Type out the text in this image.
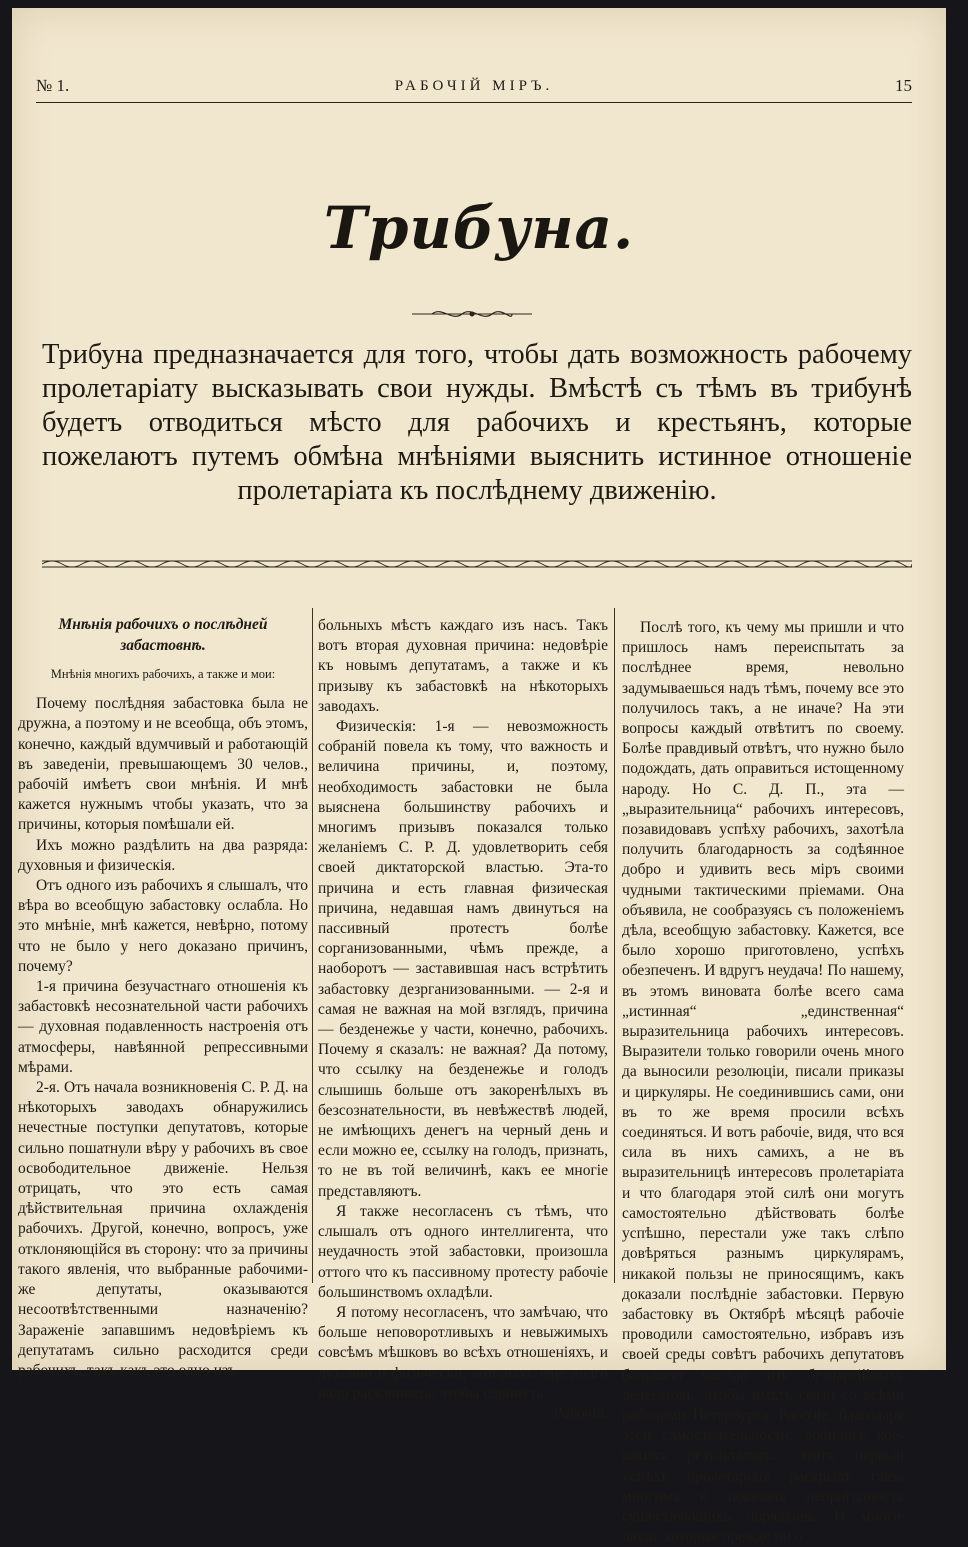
№ 1.	РАБОЧІЙ МІРЪ.	15
Трибуна.
Трибуна предназначается для того, чтобы дать возможность рабочему пролетаріату высказывать свои нужды. Вмѣстѣ съ тѣмъ въ трибунѣ будетъ отводиться мѣсто для рабочихъ и крестьянъ, которые пожелаютъ путемъ обмѣна мнѣніями выяснить истинное отношеніе пролетаріата къ послѣднему движенію.

Мнѣнія рабочихъ о послѣдней забастовнѣ.

Мнѣнія многихъ рабочихъ, а также и мои:

Почему послѣдняя забастовка была не дружна, а поэтому и не всеобща, объ этомъ, конечно, каждый вдумчивый и работающій въ заведеніи, превышающемъ 30 челов., рабочій имѣетъ свои мнѣнія. И мнѣ кажется нужнымъ чтобы указать, что за причины, которыя помѣшали ей.

Ихъ можно раздѣлить на два разряда: духовныя и физическія.

Отъ одного изъ рабочихъ я слышалъ, что вѣра во всеобщую забастовку ослабла. Но это мнѣніе, мнѣ кажется, невѣрно, потому что не было у него доказано причинъ, почему?

1-я причина безучастнаго отношенія къ забастовкѣ несознательной части рабочихъ — духовная подавленность настроенія отъ атмосферы, навѣянной репрессивными мѣрами.

2-я. Отъ начала возникновенія С. Р. Д. на нѣкоторыхъ заводахъ обнаружились нечестные поступки депутатовъ, которые сильно пошатнули вѣру у рабочихъ въ свое освободительное движеніе. Нельзя отрицать, что это есть самая дѣйствительная причина охлажденія рабочихъ. Другой, конечно, вопросъ, уже отклоняющійся въ сторону: что за причины такого явленія, что выбранные рабочими-же депутаты, оказываются несоотвѣтственными назначенію? Зараженіе запавшимъ недовѣріемъ къ депутатамъ сильно расходится среди рабочихъ, такъ какъ это одно изъ

больныхъ мѣстъ каждаго изъ насъ. Такъ вотъ вторая духовная причина: недовѣріе къ новымъ депутатамъ, а также и къ призыву къ забастовкѣ на нѣкоторыхъ заводахъ.

Физическія: 1-я — невозможность собраній повела къ тому, что важность и величина причины, и, поэтому, необходимость забастовки не была выяснена большинству рабочихъ и многимъ призывъ показался только желаніемъ С. Р. Д. удовлетворить себя своей диктаторской властью. Эта-то причина и есть главная физическая причина, недавшая намъ двинуться на пассивный протестъ болѣе сорганизованными, чѣмъ прежде, а наоборотъ — заставившая насъ встрѣтить забастовку дезрганизованными. — 2-я и самая не важная на мой взглядъ, причина — безденежье у части, конечно, рабочихъ. Почему я сказалъ: не важная? Да потому, что ссылку на безденежье и голодъ слышишь больше отъ закоренѣлыхъ въ безсознательности, въ невѣжествѣ людей, не имѣющихъ денегъ на черный день и если можно ее, ссылку на голодъ, признать, то не въ той величинѣ, какъ ее многіе представляютъ.

Я также несогласенъ съ тѣмъ, что слышалъ отъ одного интеллигента, что неудачность этой забастовки, произошла оттого что къ пассивному протесту рабочіе большинствомъ охладѣли.

Я потому несогласенъ, что замѣчаю, что больше неповоротливыхъ и невыжимыхъ совсѣмъ мѣшковъ во всѣхъ отношеніяхъ, и духовно и физически, которыхъ еще долго надо раскачивать, чтобы сдвинуть.

Рабочій.

Послѣ того, къ чему мы пришли и что пришлось намъ переиспытать за послѣднее время, невольно задумываешься надъ тѣмъ, почему все это получилось такъ, а не иначе? На эти вопросы каждый отвѣтитъ по своему. Болѣе правдивый отвѣтъ, что нужно было подождать, дать оправиться истощенному народу. Но С. Д. П., эта — „выразительница“ рабочихъ интересовъ, позавидовавъ успѣху рабочихъ, захотѣла получить благодарность за содѣянное добро и удивить весь міръ своими чудными тактическими пріемами. Она объявила, не сообразуясь съ положеніемъ дѣла, всеобщую забастовку. Кажется, все было хорошо приготовлено, успѣхъ обезпеченъ. И вдругъ неудача! По нашему, въ этомъ виновата болѣе всего сама „истинная“ „единственная“ выразительница рабочихъ интересовъ. Выразители только говорили очень много да выносили резолюціи, писали приказы и циркуляры. Не соединившись сами, они въ то же время просили всѣхъ соединяться. И вотъ рабочіе, видя, что вся сила въ нихъ самихъ, а не въ выразительницѣ интересовъ пролетаріата и что благодаря этой силѣ они могутъ самостоятельно дѣйствовать болѣе успѣшно, перестали уже такъ слѣпо довѣряться разнымъ циркулярамъ, никакой пользы не приносящимъ, какъ доказали послѣдніе забастовки. Первую забастовку въ Октябрѣ мѣсяцѣ рабочіе проводили самостоятельно, избравъ изъ своей среды совѣтъ рабочихъ депутатовъ большею частью изъ безпартійныхъ делегатовъ, чтобы имѣть связи со всѣми рабочими Петербурга. Рабочіе, благодаря этой самостоятельности, добились кое-какихъ результатовъ. Этотъ первый успѣхъ пролетаріата раскрылъ глаза многимъ и показалъ непригодность существующихъ порядковъ. И многіе люди, которые прежде ни о
